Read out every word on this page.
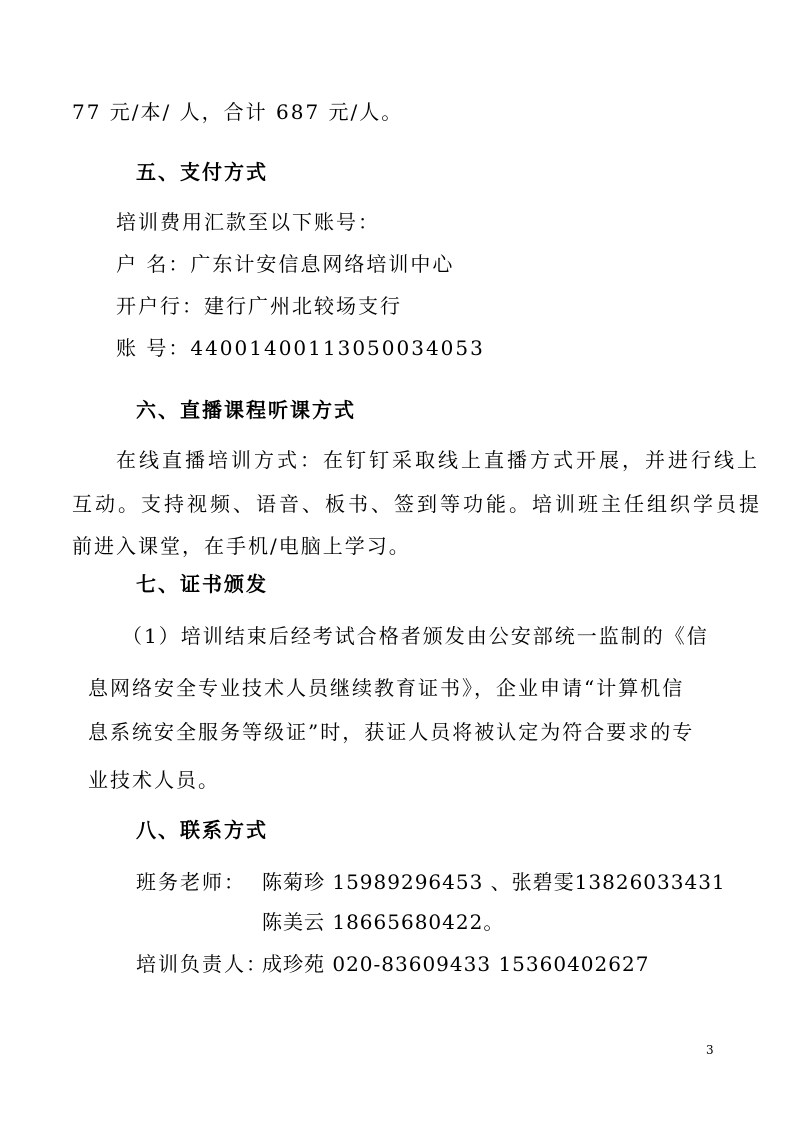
77 元/本/ 人，合计 687 元/人。
五、支付方式
培训费用汇款至以下账号：
户 名：广东计安信息网络培训中心
开户行：建行广州北较场支行
账 号：44001400113050034053
六、直播课程听课方式
在线直播培训方式：在钉钉采取线上直播方式开展，并进行线上
互动。支持视频、语音、板书、签到等功能。培训班主任组织学员提
前进入课堂，在手机/电脑上学习。
七、证书颁发
（1）培训结束后经考试合格者颁发由公安部统一监制的《信
息网络安全专业技术人员继续教育证书》，企业申请“计算机信
息系统安全服务等级证”时，获证人员将被认定为符合要求的专
业技术人员。
八、联系方式
班务老师： 陈菊珍 15989296453 、张碧雯13826033431
陈美云 18665680422。
培训负责人：
成珍苑 020-83609433 15360402627
3
